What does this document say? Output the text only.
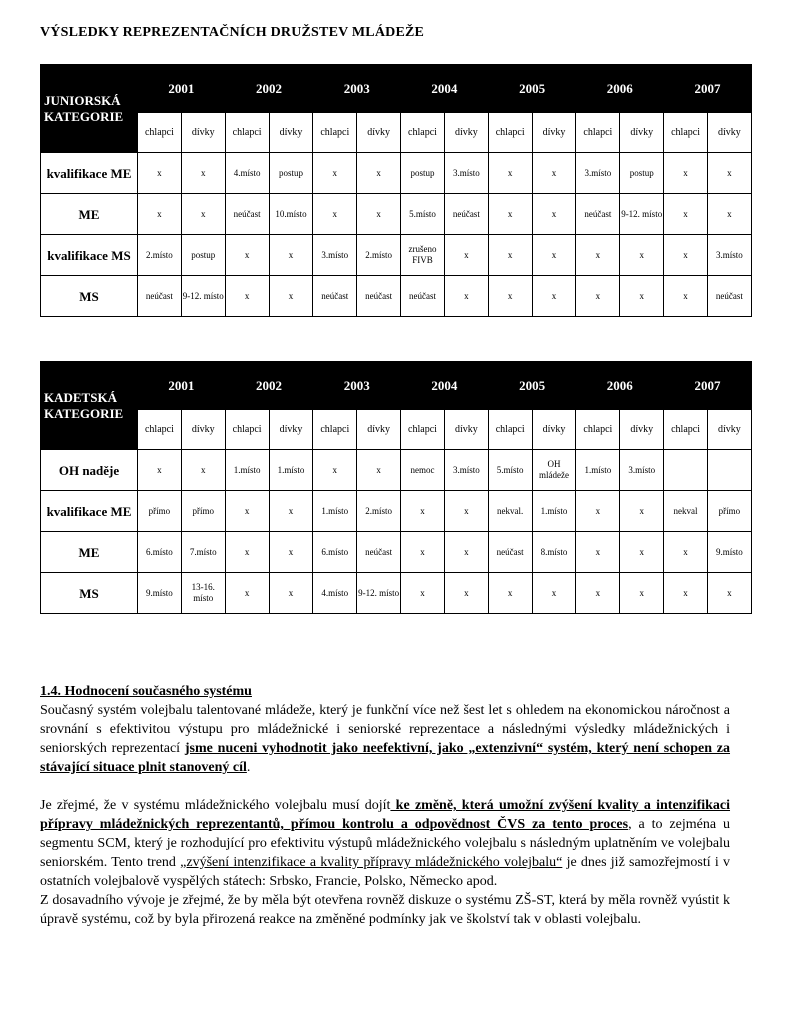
VÝSLEDKY REPREZENTAČNÍCH DRUŽSTEV MLÁDEŽE
JUNIORSKÁ KATEGORIE	2001		2002		2003		2004		2005		2006		2007	
	chlapci	dívky	chlapci	dívky	chlapci	dívky	chlapci	dívky	chlapci	dívky	chlapci	dívky	chlapci	dívky
kvalifikace ME	x	x	4.místo	postup	x	x	postup	3.místo	x	x	3.místo	postup	x	x
ME	x	x	neúčast	10.místo	x	x	5.místo	neúčast	x	x	neúčast	9-12. místo	x	x
kvalifikace MS	2.místo	postup	x	x	3.místo	2.místo	zrušeno FIVB	x	x	x	x	x	x	3.místo
MS	neúčast	9-12. místo	x	x	neúčast	neúčast	neúčast	x	x	x	x	x	x	neúčast
KADETSKÁ KATEGORIE	2001		2002		2003		2004		2005		2006		2007	
	chlapci	dívky	chlapci	dívky	chlapci	dívky	chlapci	dívky	chlapci	dívky	chlapci	dívky	chlapci	dívky
OH naděje	x	x	1.místo	1.místo	x	x	nemoc	3.místo	5.místo	OH mládeže	1.místo	3.místo		
kvalifikace ME	přímo	přímo	x	x	1.místo	2.místo	x	x	nekval.	1.místo	x	x	nekval	přímo
ME	6.místo	7.místo	x	x	6.místo	neúčast	x	x	neúčast	8.místo	x	x	x	9.místo
MS	9.místo	13-16. místo	x	x	4.místo	9-12. místo	x	x	x	x	x	x	x	x

1.4. Hodnocení současného systému

Současný systém volejbalu talentované mládeže, který je funkční více než šest let s ohledem na ekonomickou náročnost a srovnání s efektivitou výstupu pro mládežnické i seniorské reprezentace a následnými výsledky mládežnických i seniorských reprezentací jsme nuceni vyhodnotit jako neefektivní, jako „extenzivní“ systém, který není schopen za stávající situace plnit stanovený cíl.

Je zřejmé, že v systému mládežnického volejbalu musí dojít ke změně, která umožní zvýšení kvality a intenzifikaci přípravy mládežnických reprezentantů, přímou kontrolu a odpovědnost ČVS za tento proces, a to zejména u segmentu SCM, který je rozhodující pro efektivitu výstupů mládežnického volejbalu s následným uplatněním ve volejbalu seniorském. Tento trend „zvýšení intenzifikace a kvality přípravy mládežnického volejbalu“ je dnes již samozřejmostí i v ostatních volejbalově vyspělých státech: Srbsko, Francie, Polsko, Německo apod.

Z dosavadního vývoje je zřejmé, že by měla být otevřena rovněž diskuze o systému ZŠ-ST, která by měla rovněž vyústit k úpravě systému, což by byla přirozená reakce na změněné podmínky jak ve školství tak v oblasti volejbalu.
